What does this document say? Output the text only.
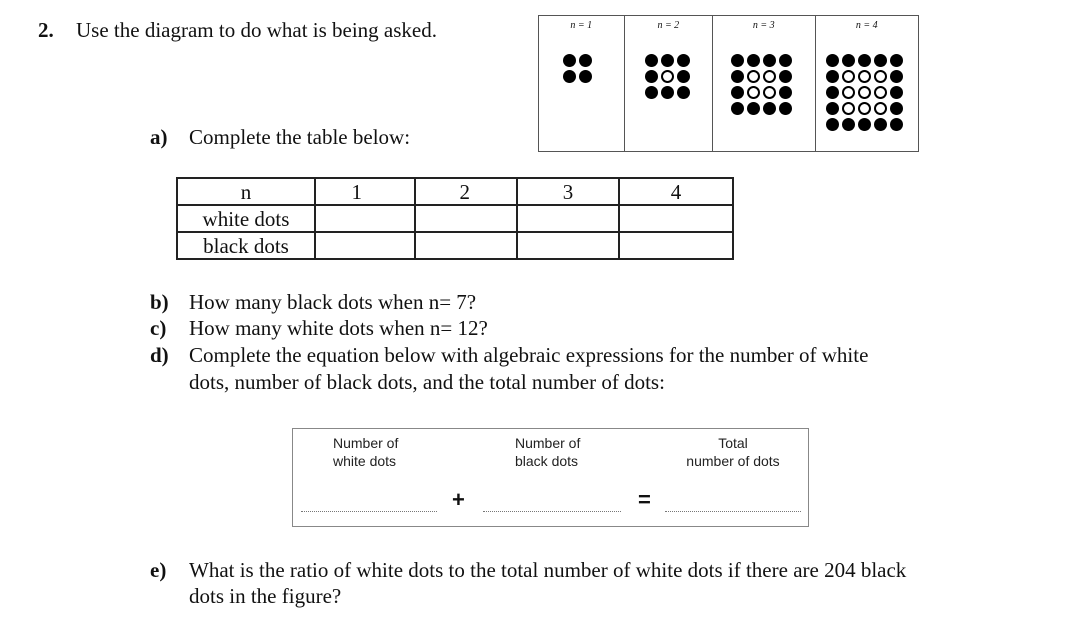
2. Use the diagram to do what is being asked.	n = 1	n = 2	n = 3	n = 4
a) Complete the table below:
n	1	2	3	4
white dots				
black dots				
b) How many black dots when n= 7?
c) How many white dots when n= 12?
d) Complete the equation below with algebraic expressions for the number of white
dots, number of black dots, and the total number of dots:
Number of
white dots
Number of
black dots
Total
number of dots
+	=
e) What is the ratio of white dots to the total number of white dots if there are 204 black
dots in the figure?
